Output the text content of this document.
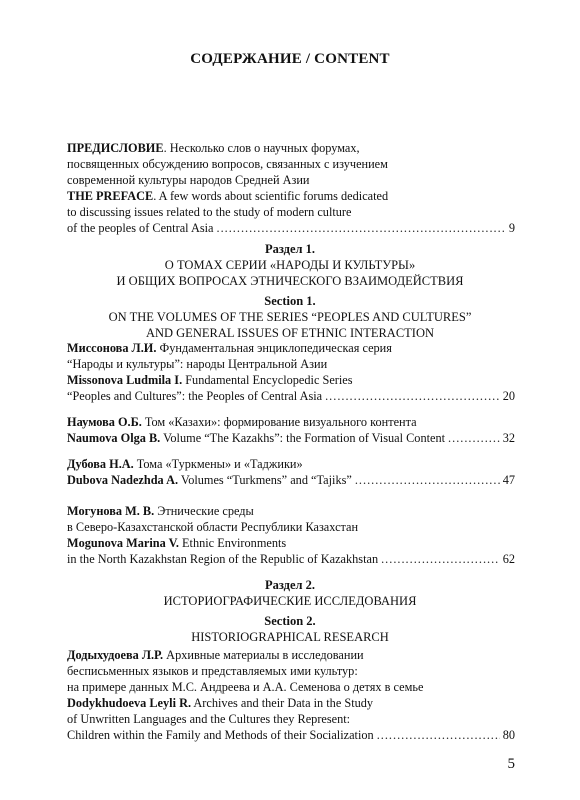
СОДЕРЖАНИЕ / CONTENT
ПРЕДИСЛОВИЕ. Несколько слов о научных форумах,
посвященных обсуждению вопросов, связанных с изучением
современной культуры народов Средней Азии
THE PREFACE. A few words about scientific forums dedicated
to discussing issues related to the study of modern culture
of the peoples of Central Asia .....	9
Раздел 1.
О ТОМАХ СЕРИИ «НАРОДЫ И КУЛЬТУРЫ»
И ОБЩИХ ВОПРОСАХ ЭТНИЧЕСКОГО ВЗАИМОДЕЙСТВИЯ
Section 1.
ON THE VOLUMES OF THE SERIES “PEOPLES AND CULTURES”
AND GENERAL ISSUES OF ETHNIC INTERACTION
Миссонова Л.И. Фундаментальная энциклопедическая серия
“Народы и культуры”: народы Центральной Азии
Missonova Ludmila I. Fundamental Encyclopedic Series
“Peoples and Cultures”: the Peoples of Central Asia .....	20
Наумова О.Б. Том «Казахи»: формирование визуального контента
Naumova Olga B. Volume “The Kazakhs”: the Formation of Visual Content .....	32
Дубова Н.А. Тома «Туркмены» и «Таджики»
Dubova Nadezhda A. Volumes “Turkmens” and “Tajiks” .....	47
Могунова М. В. Этнические среды
в Северо-Казахстанской области Республики Казахстан
Mogunova Marina V. Ethnic Environments
in the North Kazakhstan Region of the Republic of Kazakhstan .....	62
Раздел 2.
ИСТОРИОГРАФИЧЕСКИЕ ИССЛЕДОВАНИЯ
Section 2.
HISTORIOGRAPHICAL RESEARCH
Додыхудоева Л.Р. Архивные материалы в исследовании
бесписьменных языков и представляемых ими культур:
на примере данных М.С. Андреева и А.А. Семенова о детях в семье
Dodykhudoeva Leyli R. Archives and their Data in the Study
of Unwritten Languages and the Cultures they Represent:
Children within the Family and Methods of their Socialization .....	80
5
